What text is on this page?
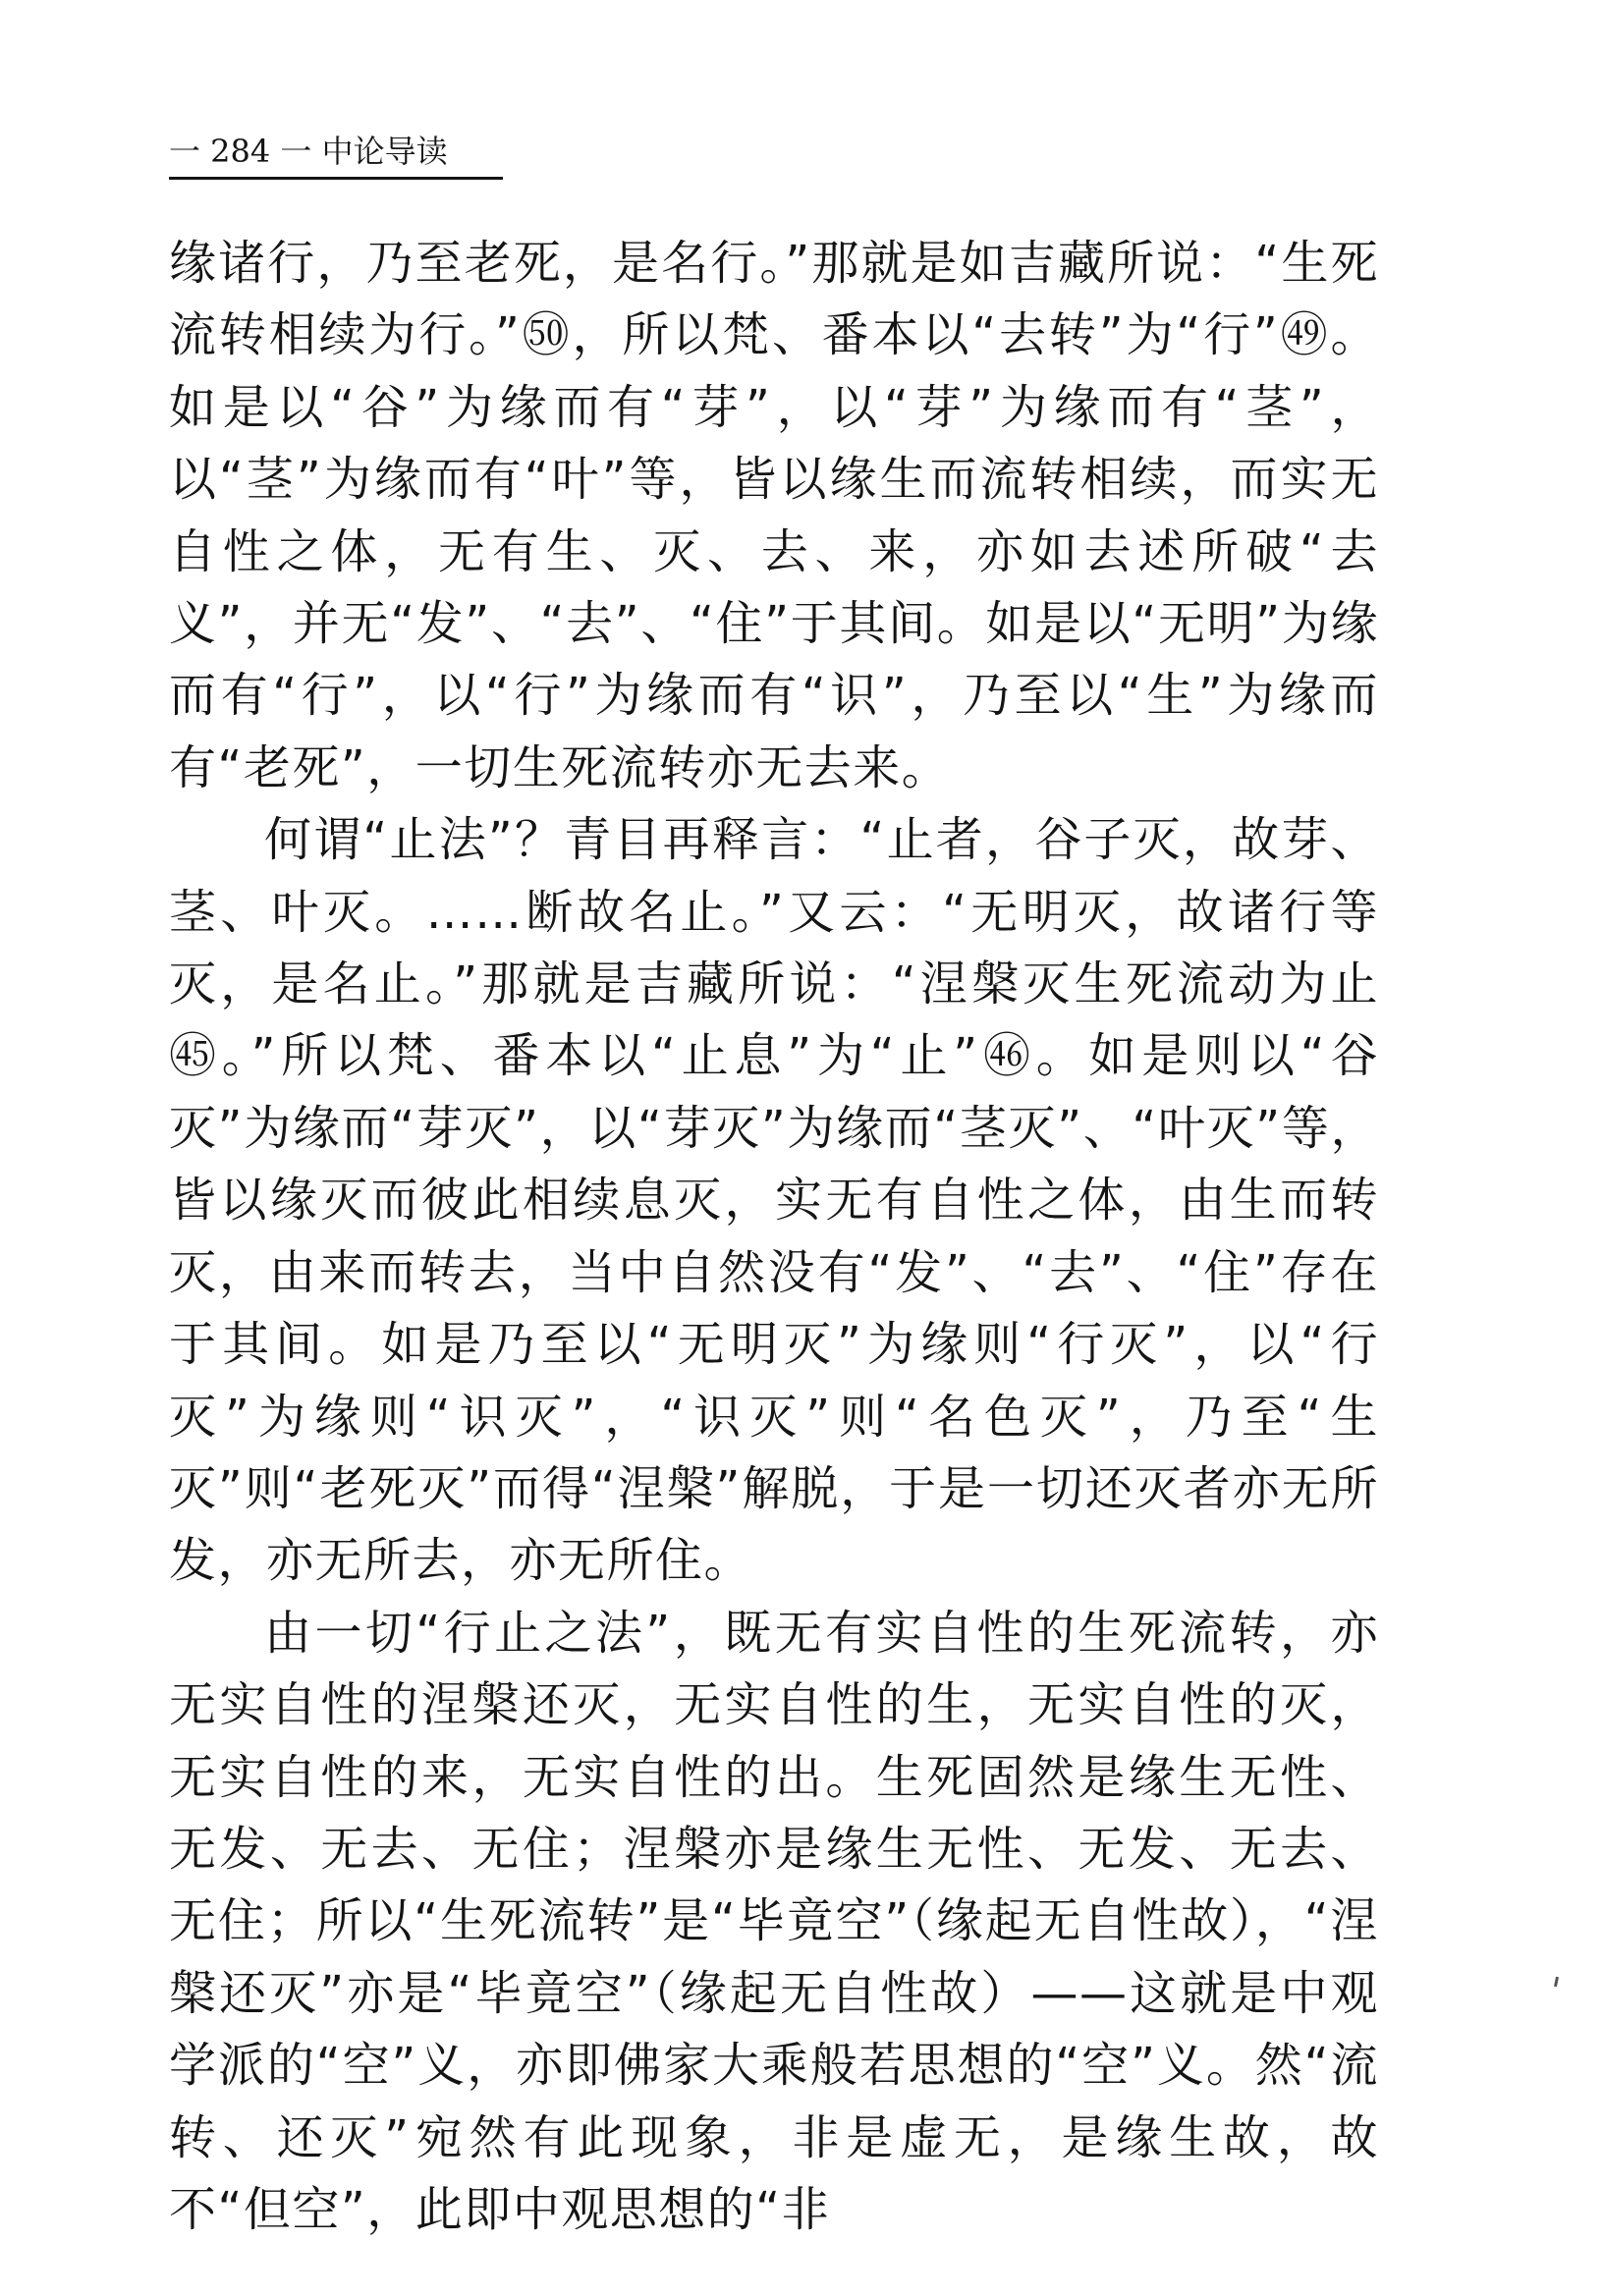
一 284 一 中论导读

缘诸行，乃至老死，是名行。”那就是如吉藏所说：“生死流转相续为行。”㊿，所以梵、番本以“去转”为“行”㊾。如是以“谷”为缘而有“芽”，以“芽”为缘而有“茎”，以“茎”为缘而有“叶”等，皆以缘生而流转相续，而实无自性之体，无有生、灭、去、来，亦如去述所破“去义”，并无“发”、“去”、“住”于其间。如是以“无明”为缘而有“行”，以“行”为缘而有“识”，乃至以“生”为缘而有“老死”，一切生死流转亦无去来。

何谓“止法”？青目再释言：“止者，谷子灭，故芽、茎、叶灭。……断故名止。”又云：“无明灭，故诸行等灭，是名止。”那就是吉藏所说：“涅槃灭生死流动为止㊺。”所以梵、番本以“止息”为“止”㊻。如是则以“谷灭”为缘而“芽灭”，以“芽灭”为缘而“茎灭”、“叶灭”等，皆以缘灭而彼此相续息灭，实无有自性之体，由生而转灭，由来而转去，当中自然没有“发”、“去”、“住”存在于其间。如是乃至以“无明灭”为缘则“行灭”，以“行灭”为缘则“识灭”，“识灭”则“名色灭”，乃至“生灭”则“老死灭”而得“涅槃”解脱，于是一切还灭者亦无所发，亦无所去，亦无所住。

由一切“行止之法”，既无有实自性的生死流转，亦无实自性的涅槃还灭，无实自性的生，无实自性的灭，无实自性的来，无实自性的出。生死固然是缘生无性、无发、无去、无住；涅槃亦是缘生无性、无发、无去、无住；所以“生死流转”是“毕竟空”（缘起无自性故），“涅槃还灭”亦是“毕竟空”（缘起无自性故）——这就是中观学派的“空”义，亦即佛家大乘般若思想的“空”义。然“流转、还灭”宛然有此现象，非是虚无，是缘生故，故不“但空”，此即中观思想的“非
